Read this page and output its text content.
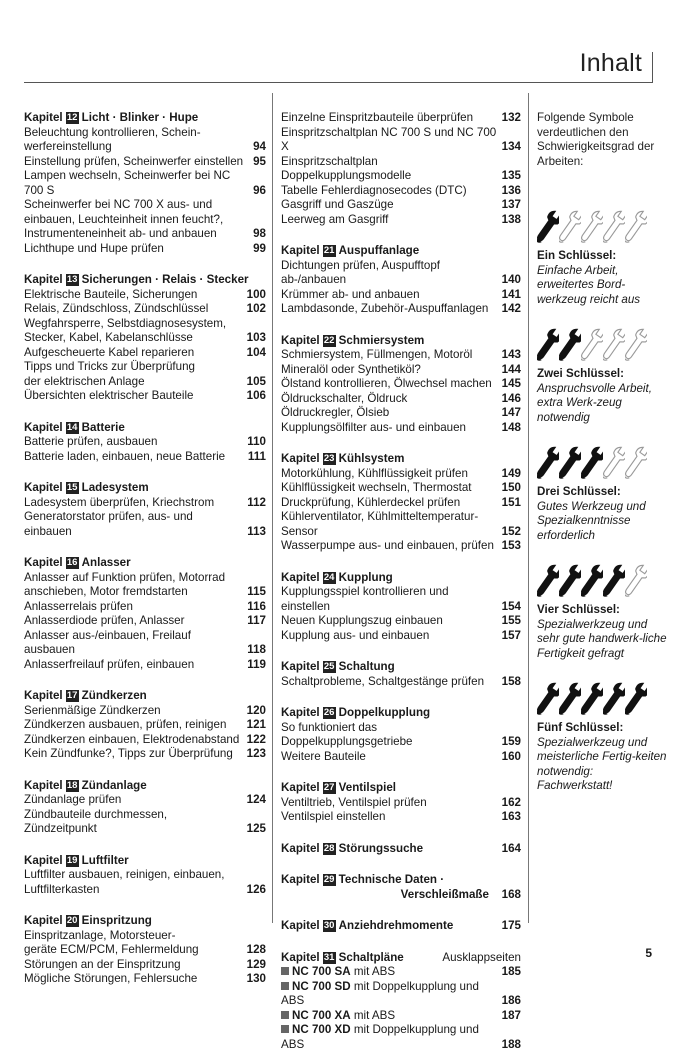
Inhalt
Kapitel 12 Licht · Blinker · Hupe
Beleuchtung kontrollieren, Schein-
werfereinstellung	94
Einstellung prüfen, Scheinwerfer einstellen 95
Lampen wechseln, Scheinwerfer bei NC 700 S	96
Scheinwerfer bei NC 700 X aus- und
einbauen, Leuchteinheit innen feucht?,
Instrumenteneinheit ab- und anbauen	98
Lichthupe und Hupe prüfen	99
Kapitel 13 Sicherungen · Relais · Stecker
Elektrische Bauteile, Sicherungen	100
Relais, Zündschloss, Zündschlüssel	102
Wegfahrsperre, Selbstdiagnosesystem,
Stecker, Kabel, Kabelanschlüsse	103
Aufgescheuerte Kabel reparieren	104
Tipps und Tricks zur Überprüfung
der elektrischen Anlage	105
Übersichten elektrischer Bauteile	106
Kapitel 14 Batterie
Batterie prüfen, ausbauen	110
Batterie laden, einbauen, neue Batterie	111
Kapitel 15 Ladesystem
Ladesystem überprüfen, Kriechstrom	112
Generatorstator prüfen, aus- und einbauen	113
Kapitel 16 Anlasser
Anlasser auf Funktion prüfen, Motorrad
anschieben, Motor fremdstarten	115
Anlasserrelais prüfen	116
Anlasserdiode prüfen, Anlasser	117
Anlasser aus-/einbauen, Freilauf ausbauen	118
Anlasserfreilauf prüfen, einbauen	119
Kapitel 17 Zündkerzen
Serienmäßige Zündkerzen	120
Zündkerzen ausbauen, prüfen, reinigen	121
Zündkerzen einbauen, Elektrodenabstand 122
Kein Zündfunke?, Tipps zur Überprüfung	123
Kapitel 18 Zündanlage
Zündanlage prüfen	124
Zündbauteile durchmessen, Zündzeitpunkt	125
Kapitel 19 Luftfilter
Luftfilter ausbauen, reinigen, einbauen,
Luftfilterkasten	126
Kapitel 20 Einspritzung
Einspritzanlage, Motorsteuer-
geräte ECM/PCM, Fehlermeldung	128
Störungen an der Einspritzung	129
Mögliche Störungen, Fehlersuche	130
Einzelne Einspritzbauteile überprüfen	132
Einspritzschaltplan NC 700 S und NC 700 X	134
Einspritzschaltplan Doppelkupplungsmodelle	135
Tabelle Fehlerdiagnosecodes (DTC)	136
Gasgriff und Gaszüge	137
Leerweg am Gasgriff	138
Kapitel 21 Auspuffanlage
Dichtungen prüfen, Auspufftopf ab-/anbauen	140
Krümmer ab- und anbauen	141
Lambdasonde, Zubehör-Auspuffanlagen	142
Kapitel 22 Schmiersystem
Schmiersystem, Füllmengen, Motoröl	143
Mineralöl oder Synthetiköl?	144
Ölstand kontrollieren, Ölwechsel machen 145
Öldruckschalter, Öldruck	146
Öldruckregler, Ölsieb	147
Kupplungsölfilter aus- und einbauen	148
Kapitel 23 Kühlsystem
Motorkühlung, Kühlflüssigkeit prüfen	149
Kühlflüssigkeit wechseln, Thermostat	150
Druckprüfung, Kühlerdeckel prüfen	151
Kühlerventilator, Kühlmitteltemperatur-Sensor	152
Wasserpumpe aus- und einbauen, prüfen 153
Kapitel 24 Kupplung
Kupplungsspiel kontrollieren und einstellen	154
Neuen Kupplungszug einbauen	155
Kupplung aus- und einbauen	157
Kapitel 25 Schaltung
Schaltprobleme, Schaltgestänge prüfen	158
Kapitel 26 Doppelkupplung
So funktioniert das Doppelkupplungsgetriebe	159
Weitere Bauteile	160
Kapitel 27 Ventilspiel
Ventiltrieb, Ventilspiel prüfen	162
Ventilspiel einstellen	163
Kapitel 28 Störungssuche	164
Kapitel 29 Technische Daten ·
Verschleißmaße 168
Kapitel 30 Anziehdrehmomente	175
Kapitel 31 Schaltpläne	Ausklappseiten
NC 700 SA mit ABS	185
NC 700 SD mit Doppelkupplung und ABS	186
NC 700 XA mit ABS	187
NC 700 XD mit Doppelkupplung und ABS	188

Folgende Symbole verdeutlichen den Schwierigkeitsgrad der Arbeiten:

Ein Schlüssel:
Einfache Arbeit, erweitertes Bord-werkzeug reicht aus
Zwei Schlüssel:
Anspruchsvolle Arbeit, extra Werk-zeug notwendig
Drei Schlüssel:
Gutes Werkzeug und Spezialkenntnisse erforderlich
Vier Schlüssel:
Spezialwerkzeug und sehr gute handwerk-liche Fertigkeit gefragt
Fünf Schlüssel:
Spezialwerkzeug und meisterliche Fertig-keiten notwendig: Fachwerkstatt!
5
